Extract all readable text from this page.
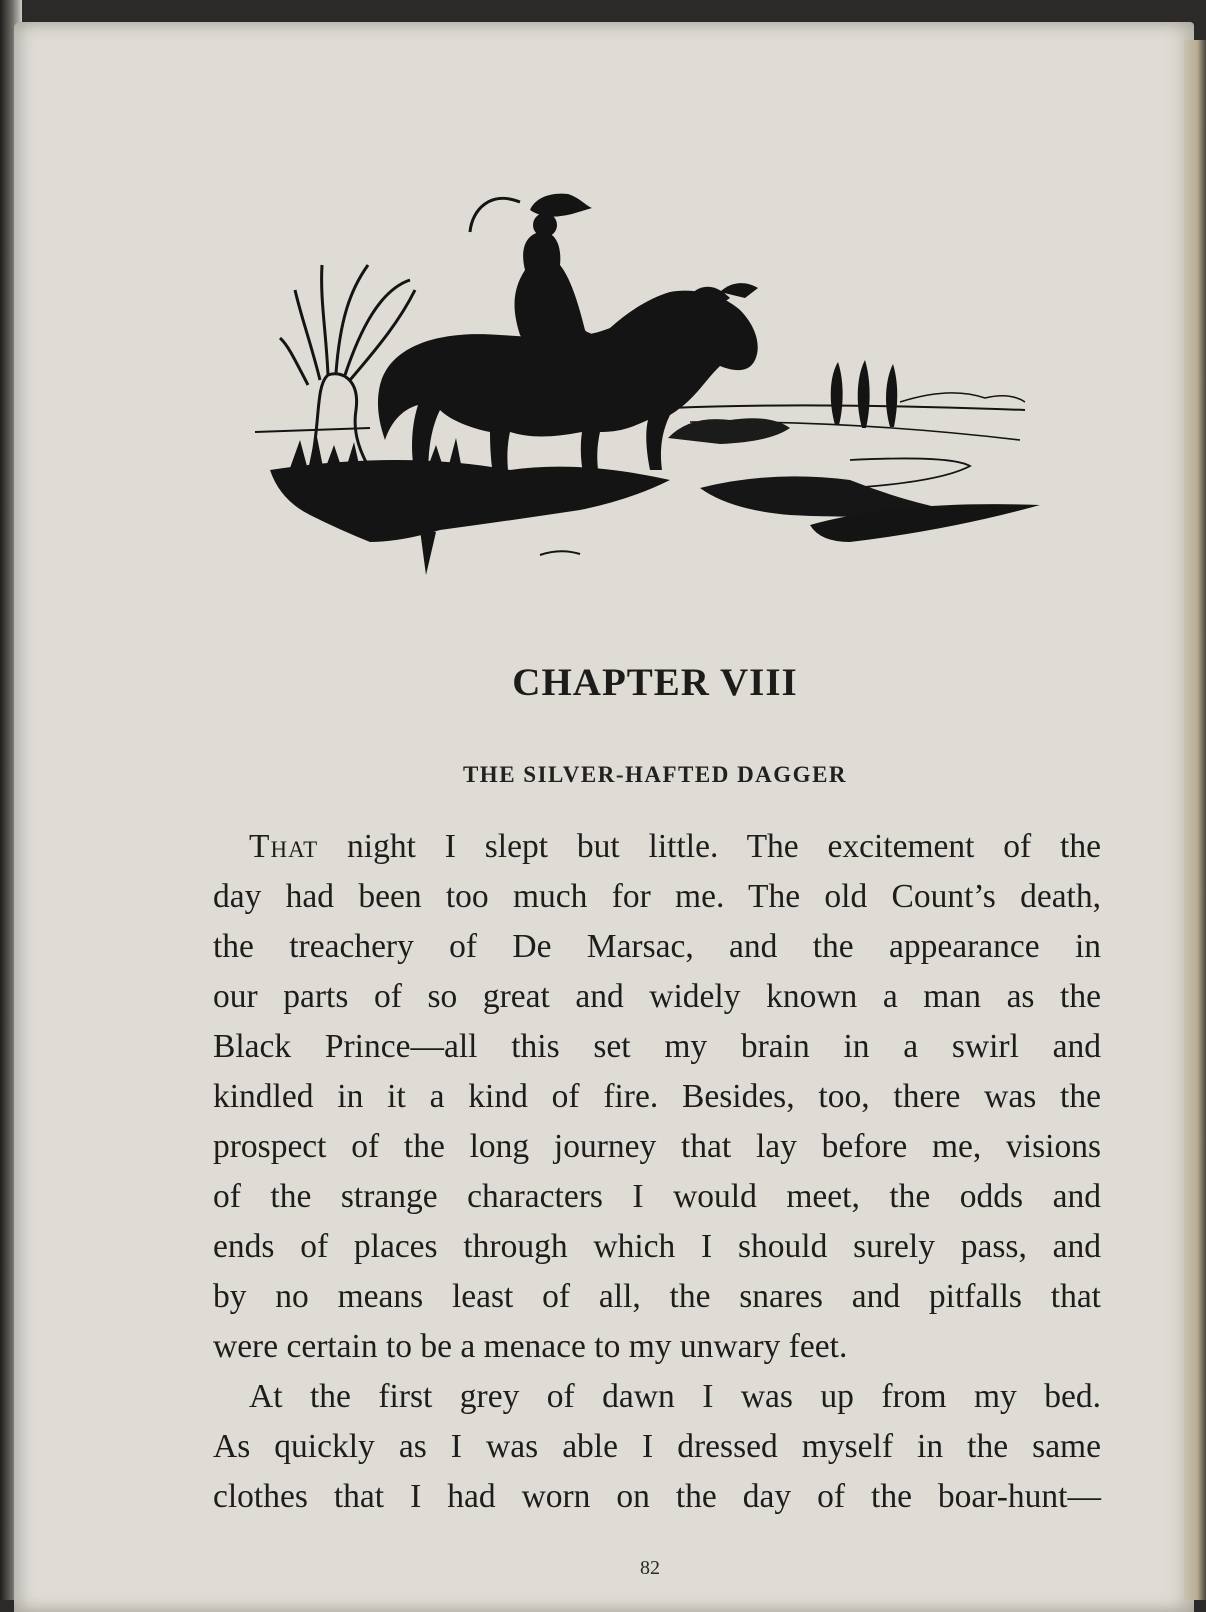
CHAPTER VIII
THE SILVER-HAFTED DAGGER
That night I slept but little. The excitement of the
day had been too much for me. The old Count’s death,
the treachery of De Marsac, and the appearance in
our parts of so great and widely known a man as the
Black Prince—all this set my brain in a swirl and
kindled in it a kind of fire. Besides, too, there was the
prospect of the long journey that lay before me, visions
of the strange characters I would meet, the odds and
ends of places through which I should surely pass, and
by no means least of all, the snares and pitfalls that
were certain to be a menace to my unwary feet.
At the first grey of dawn I was up from my bed.
As quickly as I was able I dressed myself in the same
clothes that I had worn on the day of the boar-hunt—
82
